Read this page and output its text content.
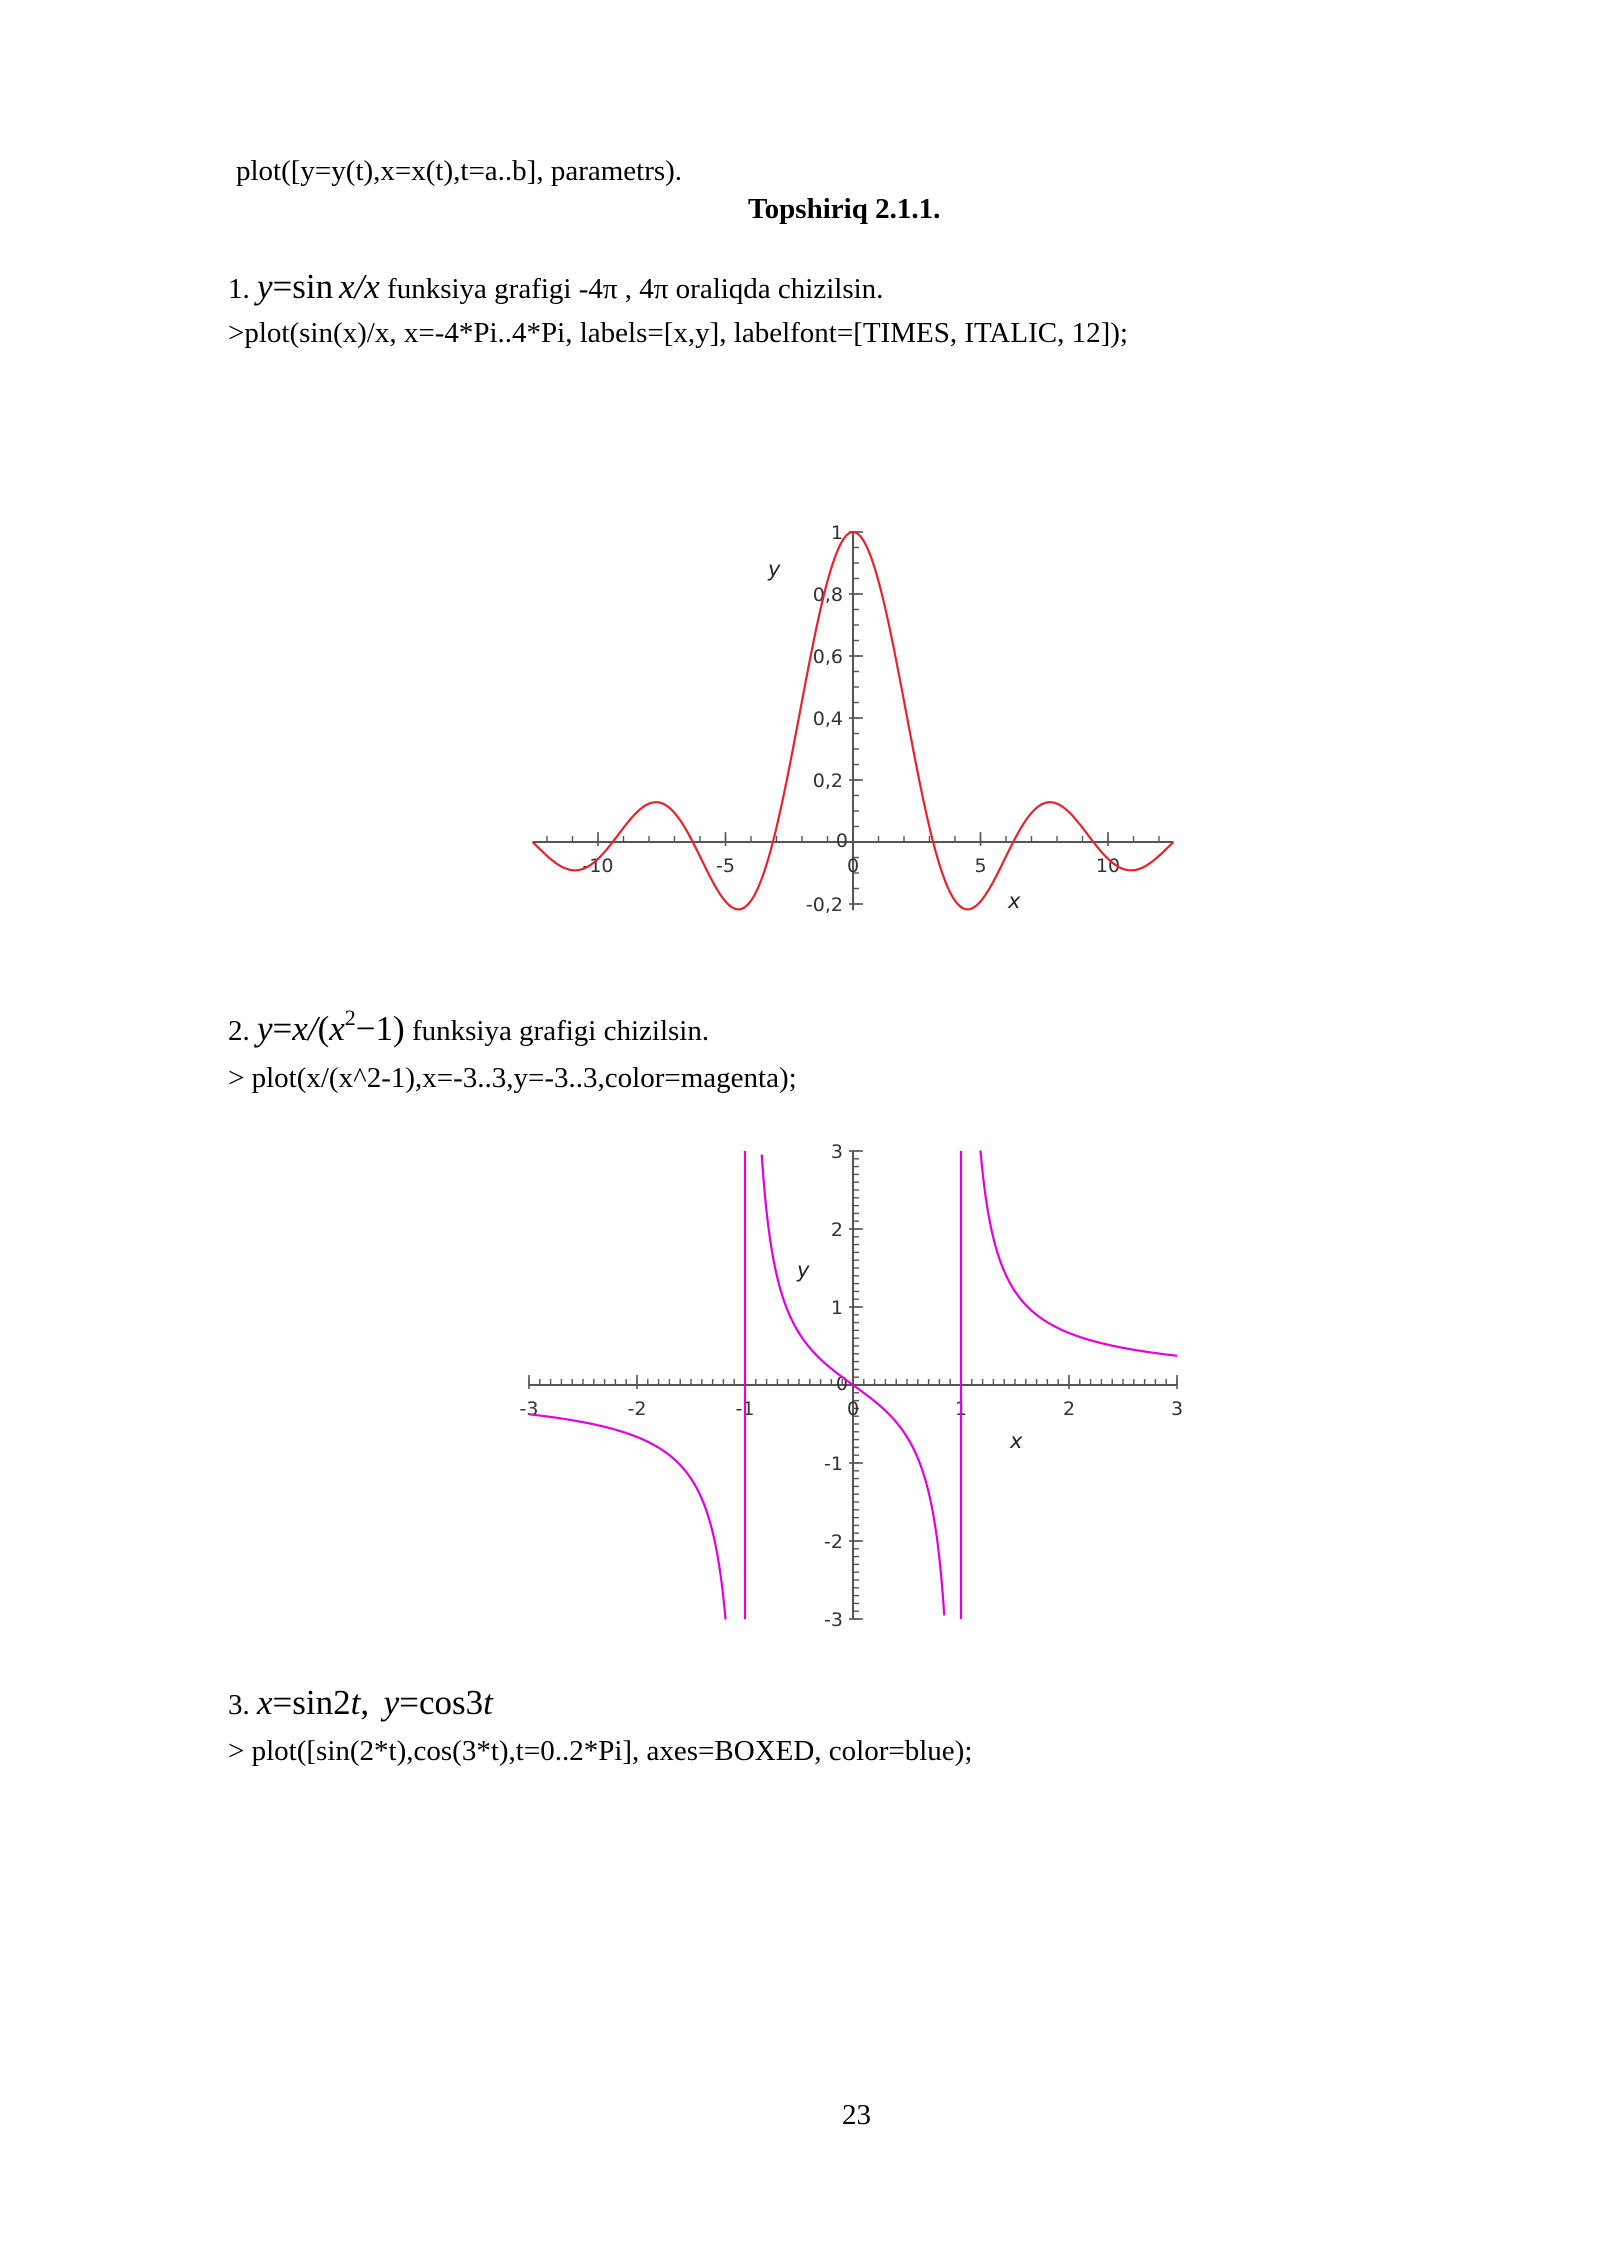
plot([y=y(t),x=x(t),t=a..b], parametrs).
Topshiriq 2.1.1.
1. y=sin  x/x funksiya grafigi -4π , 4π oraliqda chizilsin.
>plot(sin(x)/x, x=-4*Pi..4*Pi, labels=[x,y], labelfont=[TIMES, ITALIC, 12]);
-10	-5	0	5	10
1
0,8
0,6
0,4
0,2
-0,2
0
x
y
2. $y=x/(x^2-1)$ funksiya grafigi chizilsin.
> plot(x/(x^2-1),x=-3..3,y=-3..3,color=magenta);
-3	-2	-1	0	1	2	3
3
2
1
-1
-2
-3
0
x
y
3. x=sin2t,  y=cos3t
> plot([sin(2*t),cos(3*t),t=0..2*Pi], axes=BOXED, color=blue);
23
